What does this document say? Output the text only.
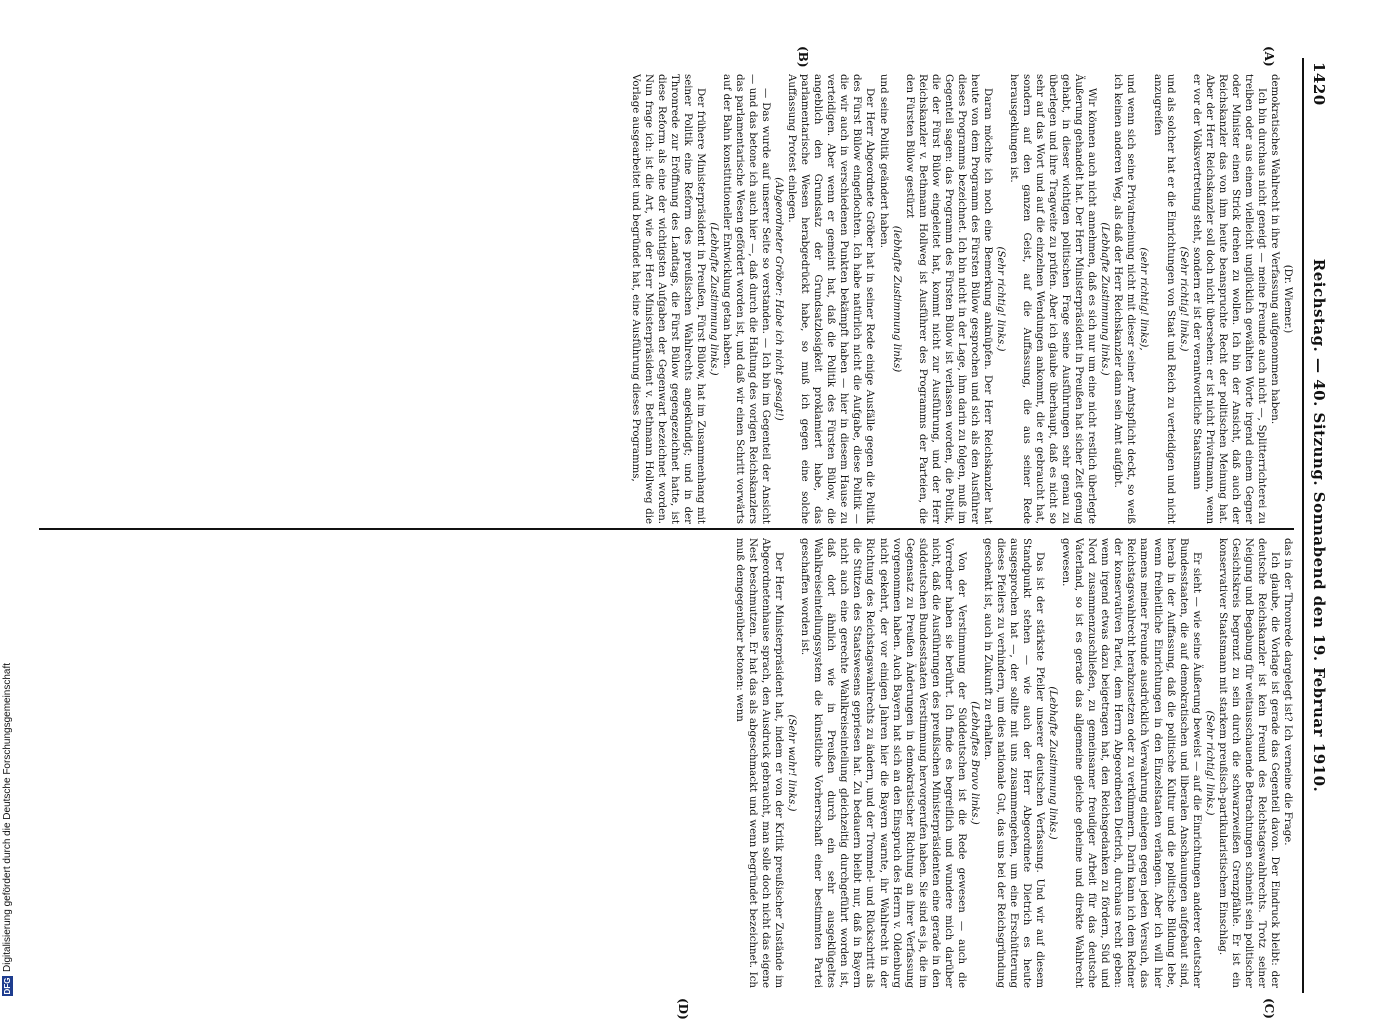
1420
Reichstag. — 40. Sitzung. Sonnabend den 19. Februar 1910.
(A)
(B)
(C)
(D)

(Dr. Wiemer.)

demokratisches Wahlrecht in ihre Verfassung aufgenommen haben.

Ich bin durchaus nicht geneigt — meine Freunde auch nicht —, Splitterrichterei zu treiben oder aus einem vielleicht unglücklich gewählten Worte irgend einem Gegner oder Minister einen Strick drehen zu wollen. Ich bin der Ansicht, daß auch der Reichskanzler das von ihm heute beanspruchte Recht der politischen Meinung hat. Aber der Herr Reichskanzler soll doch nicht übersehen: er ist nicht Privatmann, wenn er vor der Volksvertretung steht, sondern er ist der verantwortliche Staatsmann

(Sehr richtig! links.)

und als solcher hat er die Einrichtungen von Staat und Reich zu verteidigen und nicht anzugreifen

(sehr richtig! links),

und wenn sich seine Privatmeinung nicht mit dieser seiner Amtspflicht deckt, so weiß ich keinen anderen Weg, als daß der Herr Reichskanzler dann sein Amt aufgibt.

(Lebhafte Zustimmung links.)

Wir können auch nicht annehmen, daß es sich nur um eine nicht restlich überlegte Äußerung gehandelt hat. Der Herr Ministerpräsident in Preußen hat sicher Zeit genug gehabt, in dieser wichtigen politischen Frage seine Ausführungen sehr genau zu überlegen und ihre Tragweite zu prüfen. Aber ich glaube überhaupt, daß es nicht so sehr auf das Wort und auf die einzelnen Wendungen ankommt, die er gebraucht hat, sondern auf den ganzen Geist, auf die Auffassung, die aus seiner Rede herausgeklungen ist.

(Sehr richtig! links.)

Daran möchte ich noch eine Bemerkung anknüpfen. Der Herr Reichskanzler hat heute von dem Programm des Fürsten Bülow gesprochen und sich als den Ausführer dieses Programms bezeichnet. Ich bin nicht in der Lage, ihm darin zu folgen, muß im Gegenteil sagen: das Programm des Fürsten Bülow ist verlassen worden, die Politik, die der Fürst Bülow eingeleitet hat, kommt nicht zur Ausführung, und der Herr Reichskanzler v. Bethmann Hollweg ist Ausführer des Programms der Parteien, die den Fürsten Bülow gestürzt

(lebhafte Zustimmung links)

und seine Politik geändert haben.

Der Herr Abgeordnete Gröber hat in seiner Rede einige Ausfälle gegen die Politik des Fürst Bülow eingeflochten. Ich habe natürlich nicht die Aufgabe, diese Politik — die wir auch in verschiedenen Punkten bekämpft haben — hier in diesem Hause zu verteidigen. Aber wenn er gemeint hat, daß die Politik des Fürsten Bülow, die angeblich den Grundsatz der Grundsatzlosigkeit proklamiert habe, das parlamentarische Wesen herabgedrückt habe, so muß ich gegen eine solche Auffassung Protest einlegen.

(Abgeordneter Gröber: Habe ich nicht gesagt!)

— Das wurde auf unserer Seite so verstanden. — Ich bin im Gegenteil der Ansicht — und das betone ich auch hier —, daß durch die Haltung des vorigen Reichskanzlers das parlamentarische Wesen gefördert worden ist, und daß wir einen Schritt vorwärts auf der Bahn konstitutioneller Entwicklung getan haben.

(Lebhafte Zustimmung links.)

Der frühere Ministerpräsident in Preußen, Fürst Bülow, hat im Zusammenhang mit seiner Politik eine Reform des preußischen Wahlrechts angekündigt; und in der Thronrede zur Eröffnung des Landtags, die Fürst Bülow gegengezeichnet hatte, ist diese Reform als eine der wichtigsten Aufgaben der Gegenwart bezeichnet worden. Nun frage ich: ist die Art, wie der Herr Ministerpräsident v. Bethmann Hollweg die Vorlage ausgearbeitet und begründet hat, eine Ausführung dieses Programms,

das in der Thronrede dargelegt ist? Ich verneine die Frage.

Ich glaube, die Vorlage ist gerade das Gegenteil davon. Der Eindruck bleibt: der deutsche Reichskanzler ist kein Freund des Reichstagswahlrechts. Trotz seiner Neigung und Begabung für weitausschauende Betrachtungen schneint sein politischer Gesichtskreis begrenzt zu sein durch die schwarzweißen Grenzpfähle. Er ist ein konservativer Staatsmann mit starkem preußisch-partikularistischem Einschlag.

(Sehr richtig! links.)

Er sieht — wie seine Äußerung beweist — auf die Einrichtungen anderer deutscher Bundesstaaten, die auf demokratischen und liberalen Anschauungen aufgebaut sind, herab in der Auffassung, daß die politische Kultur und die politische Bildung lebe, wenn freiheitliche Einrichtungen in den Einzelstaaten verlangen. Aber ich will hier namens meiner Freunde ausdrücklich Verwahrung einlegen gegen jeden Versuch, das Reichstagswahlrecht herabzusetzen oder zu verkümmern. Darin kann ich dem Redner der konservativen Partei, dem Herrn Abgeordneten Dietrich, durchaus recht geben: wenn irgend etwas dazu beigetragen hat, den Reichsgedanken zu fördern, Süd und Nord zusammenzuschließen, zu gemeinsamer freudiger Arbeit für das deutsche Vaterland, so ist es gerade das allgemeine gleiche geheime und direkte Wahlrecht gewesen.

(Lebhafte Zustimmung links.)

Das ist der stärkste Pfeiler unserer deutschen Verfassung. Und wir auf diesem Standpunkt stehen — wie auch der Herr Abgeordnete Dietrich es heute ausgesprochen hat —, der sollte mit uns zusammengehen, um eine Erschütterung dieses Pfeilers zu verhindern, um dies nationale Gut, das uns bei der Reichsgründung geschenkt ist, auch in Zukunft zu erhalten.

(Lebhaftes Bravo links.)

Von der Verstimmung der Süddeutschen ist die Rede gewesen — auch die Vorredner haben sie berührt. Ich finde es begreiflich und wundere mich darüber nicht, daß die Ausführungen des preußischen Ministerpräsidenten eine gerade in den süddeutschen Bundesstaaten Verstimmung hervorgerufen haben. Sie sind es ja, die im Gegensatz zu Preußen Änderungen in demokratischer Richtung an ihrer Verfassung vorgenommen haben. Auch Bayern hat sich an den Einspruch des Herrn v. Oldenburg nicht gekehrt, der vor einigen Jahren hier die Bayern warnte, ihr Wahlrecht in der Richtung des Reichstagswahlrechts zu ändern, und der Trommel- und Rückschritt als die Stützen des Staatswesens gepriesen hat. Zu bedauern bleibt nur, daß in Bayern nicht auch eine gerechte Wahlkreiseinteilung gleichzeitig durchgeführt worden ist, daß dort ähnlich wie in Preußen durch ein sehr ausgeklügeltes Wahlkreiseinteilungssystem die künstliche Vorherrschaft einer bestimmten Partei geschaffen worden ist.

(Sehr wahr! links.)

Der Herr Ministerpräsident hat, indem er von der Kritik preußischer Zustände im Abgeordnetenhause sprach, den Ausdruck gebraucht, man solle doch nicht das eigene Nest beschmutzen. Er hat das als abgeschmackt und wenn begründet bezeichnet. Ich muß demgegenüber betonen: wenn

DFGDigitalisierung gefördert durch die Deutsche Forschungsgemeinschaft
